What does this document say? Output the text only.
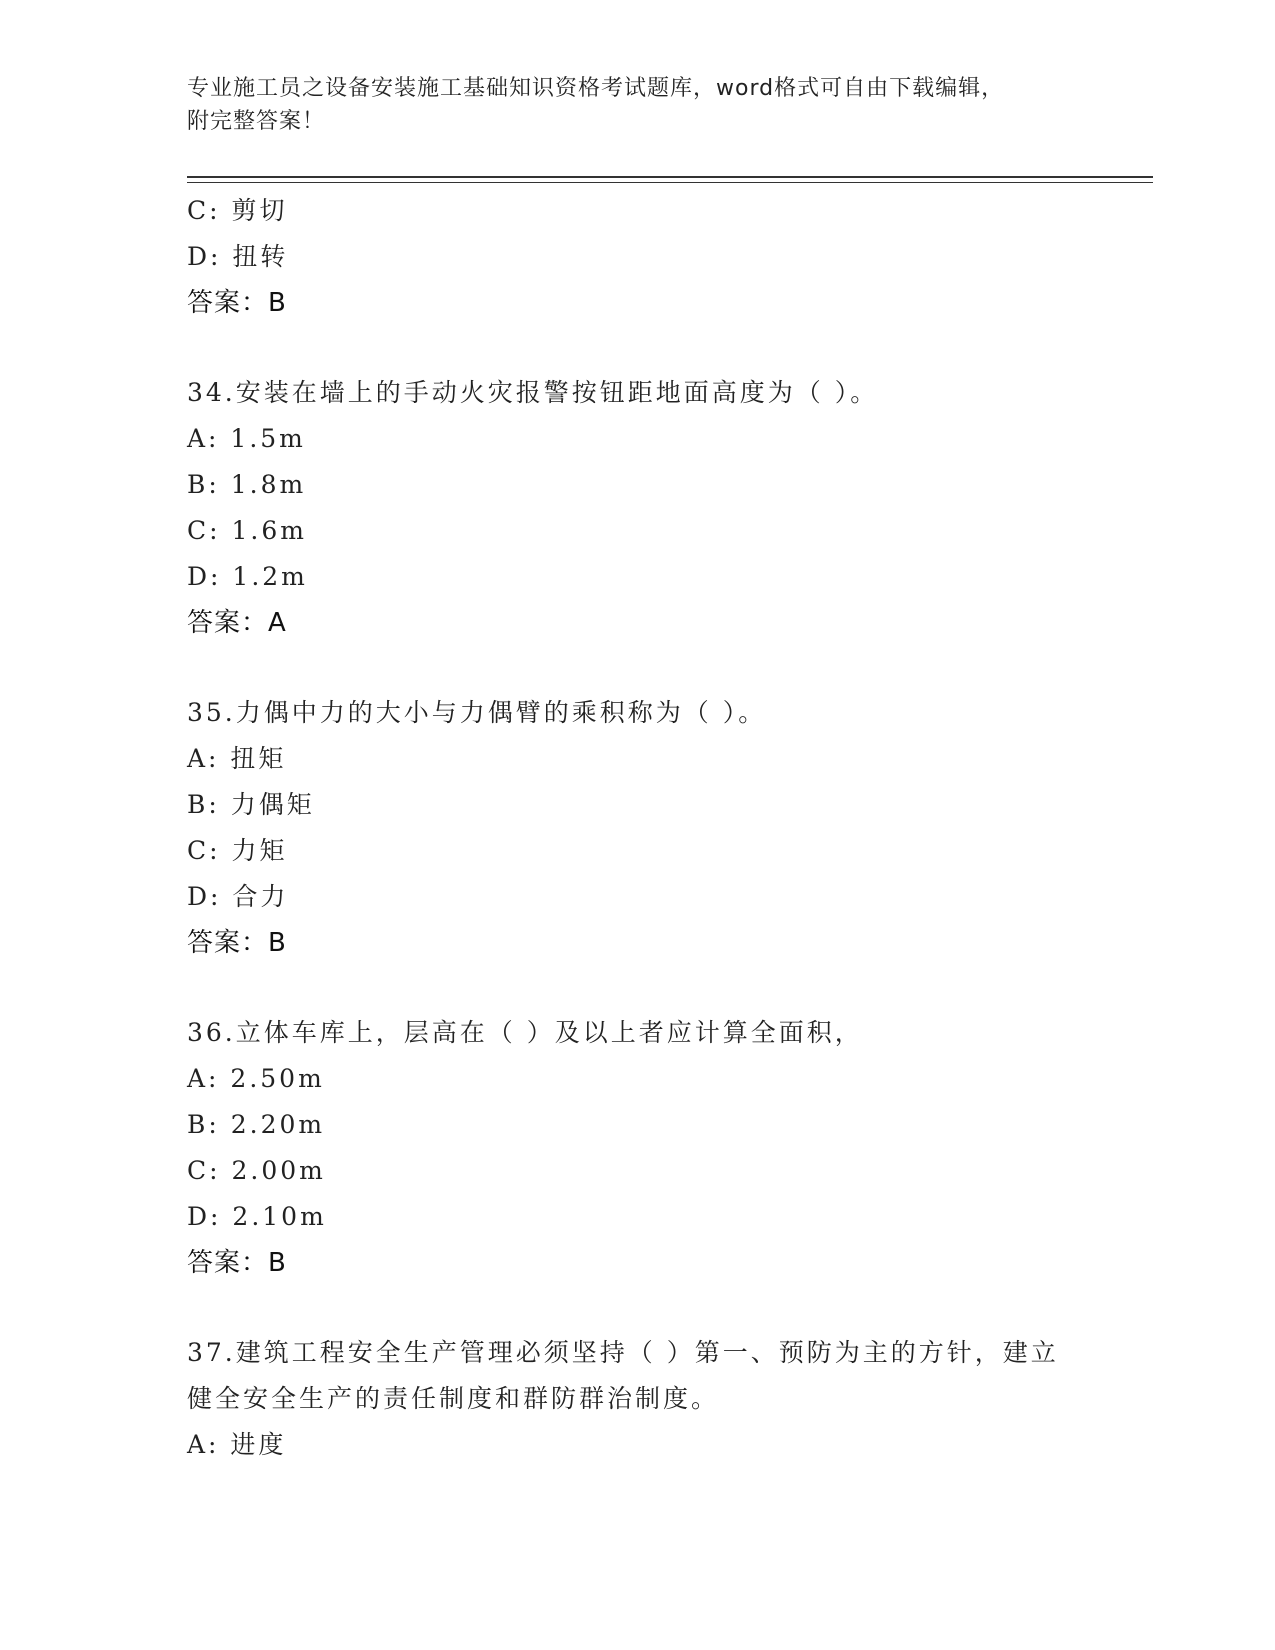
专业施工员之设备安装施工基础知识资格考试题库，word格式可自由下载编辑，
附完整答案！
C: 剪切
D: 扭转
答案：B
34.安装在墙上的手动火灾报警按钮距地面高度为（ ）。
A: 1.5m
B: 1.8m
C: 1.6m
D: 1.2m
答案：A
35.力偶中力的大小与力偶臂的乘积称为（ ）。
A: 扭矩
B: 力偶矩
C: 力矩
D: 合力
答案：B
36.立体车库上，层高在（ ）及以上者应计算全面积，
A: 2.50m
B: 2.20m
C: 2.00m
D: 2.10m
答案：B
37.建筑工程安全生产管理必须坚持（ ）第一、预防为主的方针，建立健全安全生产的责任制度和群防群治制度。
A: 进度
